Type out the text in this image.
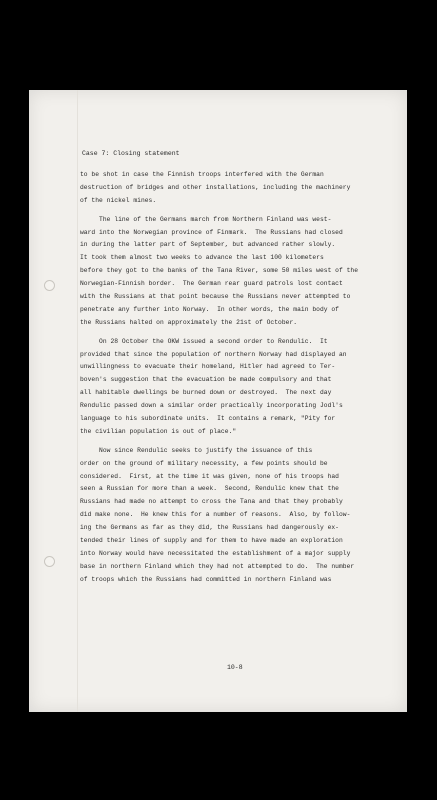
Case 7: Closing statement
to be shot in case the Finnish troops interfered with the German
destruction of bridges and other installations, including the machinery
of the nickel mines.
The line of the Germans march from Northern Finland was west-
ward into the Norwegian province of Finmark.  The Russians had closed
in during the latter part of September, but advanced rather slowly.
It took them almost two weeks to advance the last 100 kilometers
before they got to the banks of the Tana River, some 50 miles west of the
Norwegian-Finnish border.  The German rear guard patrols lost contact
with the Russians at that point because the Russians never attempted to
penetrate any further into Norway.  In other words, the main body of
the Russians halted on approximately the 21st of October.
On 28 October the OKW issued a second order to Rendulic.  It
provided that since the population of northern Norway had displayed an
unwillingness to evacuate their homeland, Hitler had agreed to Ter-
boven's suggestion that the evacuation be made compulsory and that
all habitable dwellings be burned down or destroyed.  The next day
Rendulic passed down a similar order practically incorporating Jodl's
language to his subordinate units.  It contains a remark, "Pity for
the civilian population is out of place."
Now since Rendulic seeks to justify the issuance of this
order on the ground of military necessity, a few points should be
considered.  First, at the time it was given, none of his troops had
seen a Russian for more than a week.  Second, Rendulic knew that the
Russians had made no attempt to cross the Tana and that they probably
did make none.  He knew this for a number of reasons.  Also, by follow-
ing the Germans as far as they did, the Russians had dangerously ex-
tended their lines of supply and for them to have made an exploration
into Norway would have necessitated the establishment of a major supply
base in northern Finland which they had not attempted to do.  The number
of troops which the Russians had committed in northern Finland was
10-8
